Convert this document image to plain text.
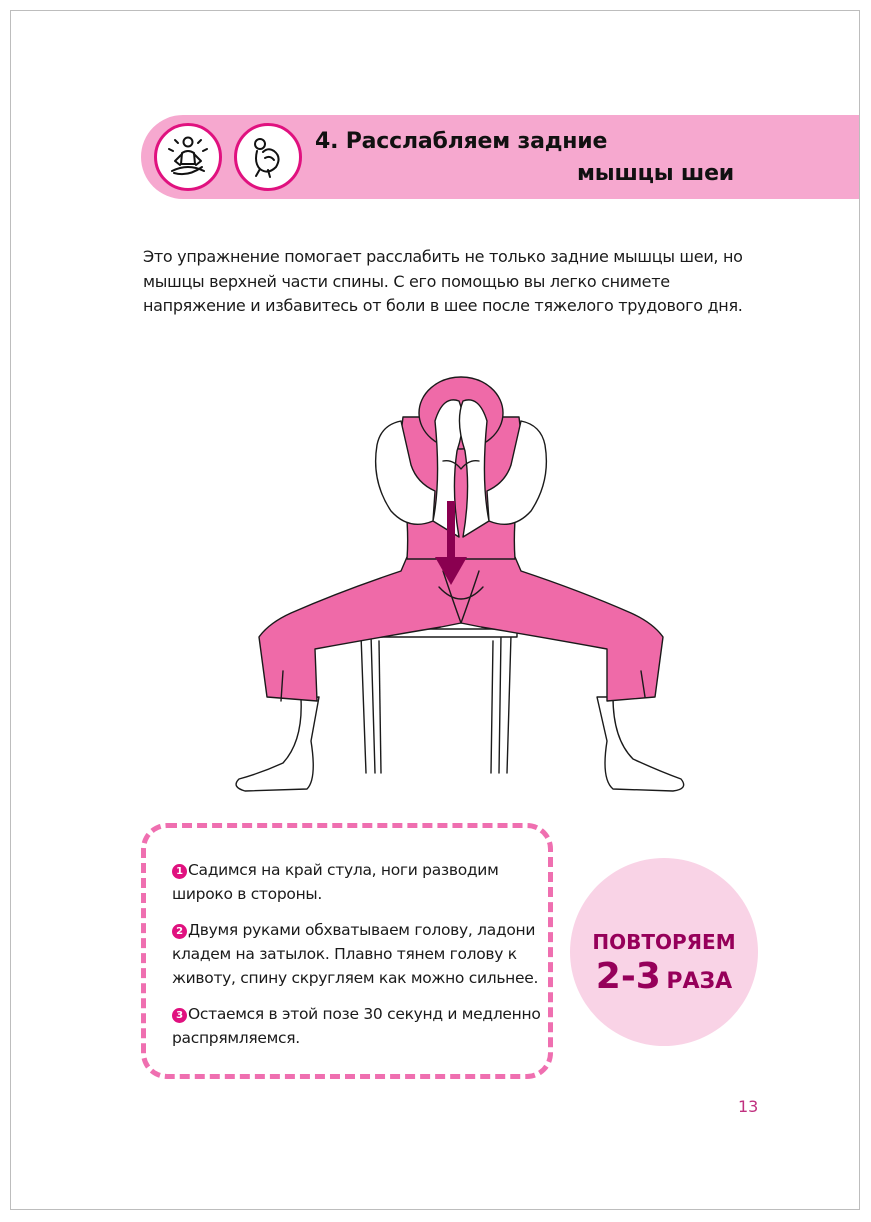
4. Расслабляем задние
мышцы шеи
Это упражнение помогает расслабить не только задние мышцы шеи, но мышцы верхней части спины. С его помощью вы легко снимете напряжение и избавитесь от боли в шее после тяжелого трудового дня.
1 Садимся на край стула, ноги разводим широко в стороны.
2 Двумя руками обхватываем голову, ладони кладем на затылок. Плавно тянем голову к животу, спину скругляем как можно сильнее.
3 Остаемся в этой позе 30 секунд и медленно распрямляемся.
ПОВТОРЯЕМ
2-3 РАЗА
13
